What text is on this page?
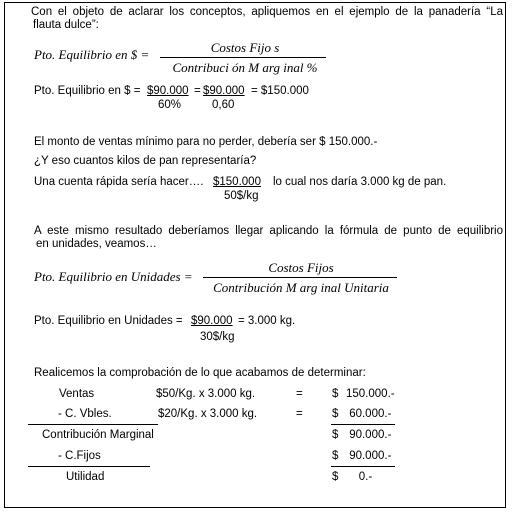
Con el objeto de aclarar los conceptos, apliquemos en el ejemplo de la panadería “La
flauta dulce”:
Pto. Equilibrio en $ =	Costos Fijo s
Contribuci ón M arg inal %
Pto. Equilibrio en $ = $90.000 = $90.000 = $150.000
60%	0,60
El monto de ventas mínimo para no perder, debería ser $ 150.000.-
¿Y eso cuantos kilos de pan representaría?
Una cuenta rápida sería hacer…. $150.000 lo cual nos daría 3.000 kg de pan.
50$/kg
A este mismo resultado deberíamos llegar aplicando la fórmula de punto de equilibrio
en unidades, veamos…
Pto. Equilibrio en Unidades =
Costos Fijos
Contribución M arg inal Unitaria
Pto. Equilibrio en Unidades = $90.000 = 3.000 kg.
30$/kg
Realicemos la comprobación de lo que acabamos de determinar:
Ventas	$50/Kg. x 3.000 kg.	=	$ 150.000.-
- C. Vbles.	$20/Kg. x 3.000 kg.	=	$ 60.000.-
Contribución Marginal	$ 90.000.-
- C.Fijos	$ 90.000.-
Utilidad	$ 0.-
